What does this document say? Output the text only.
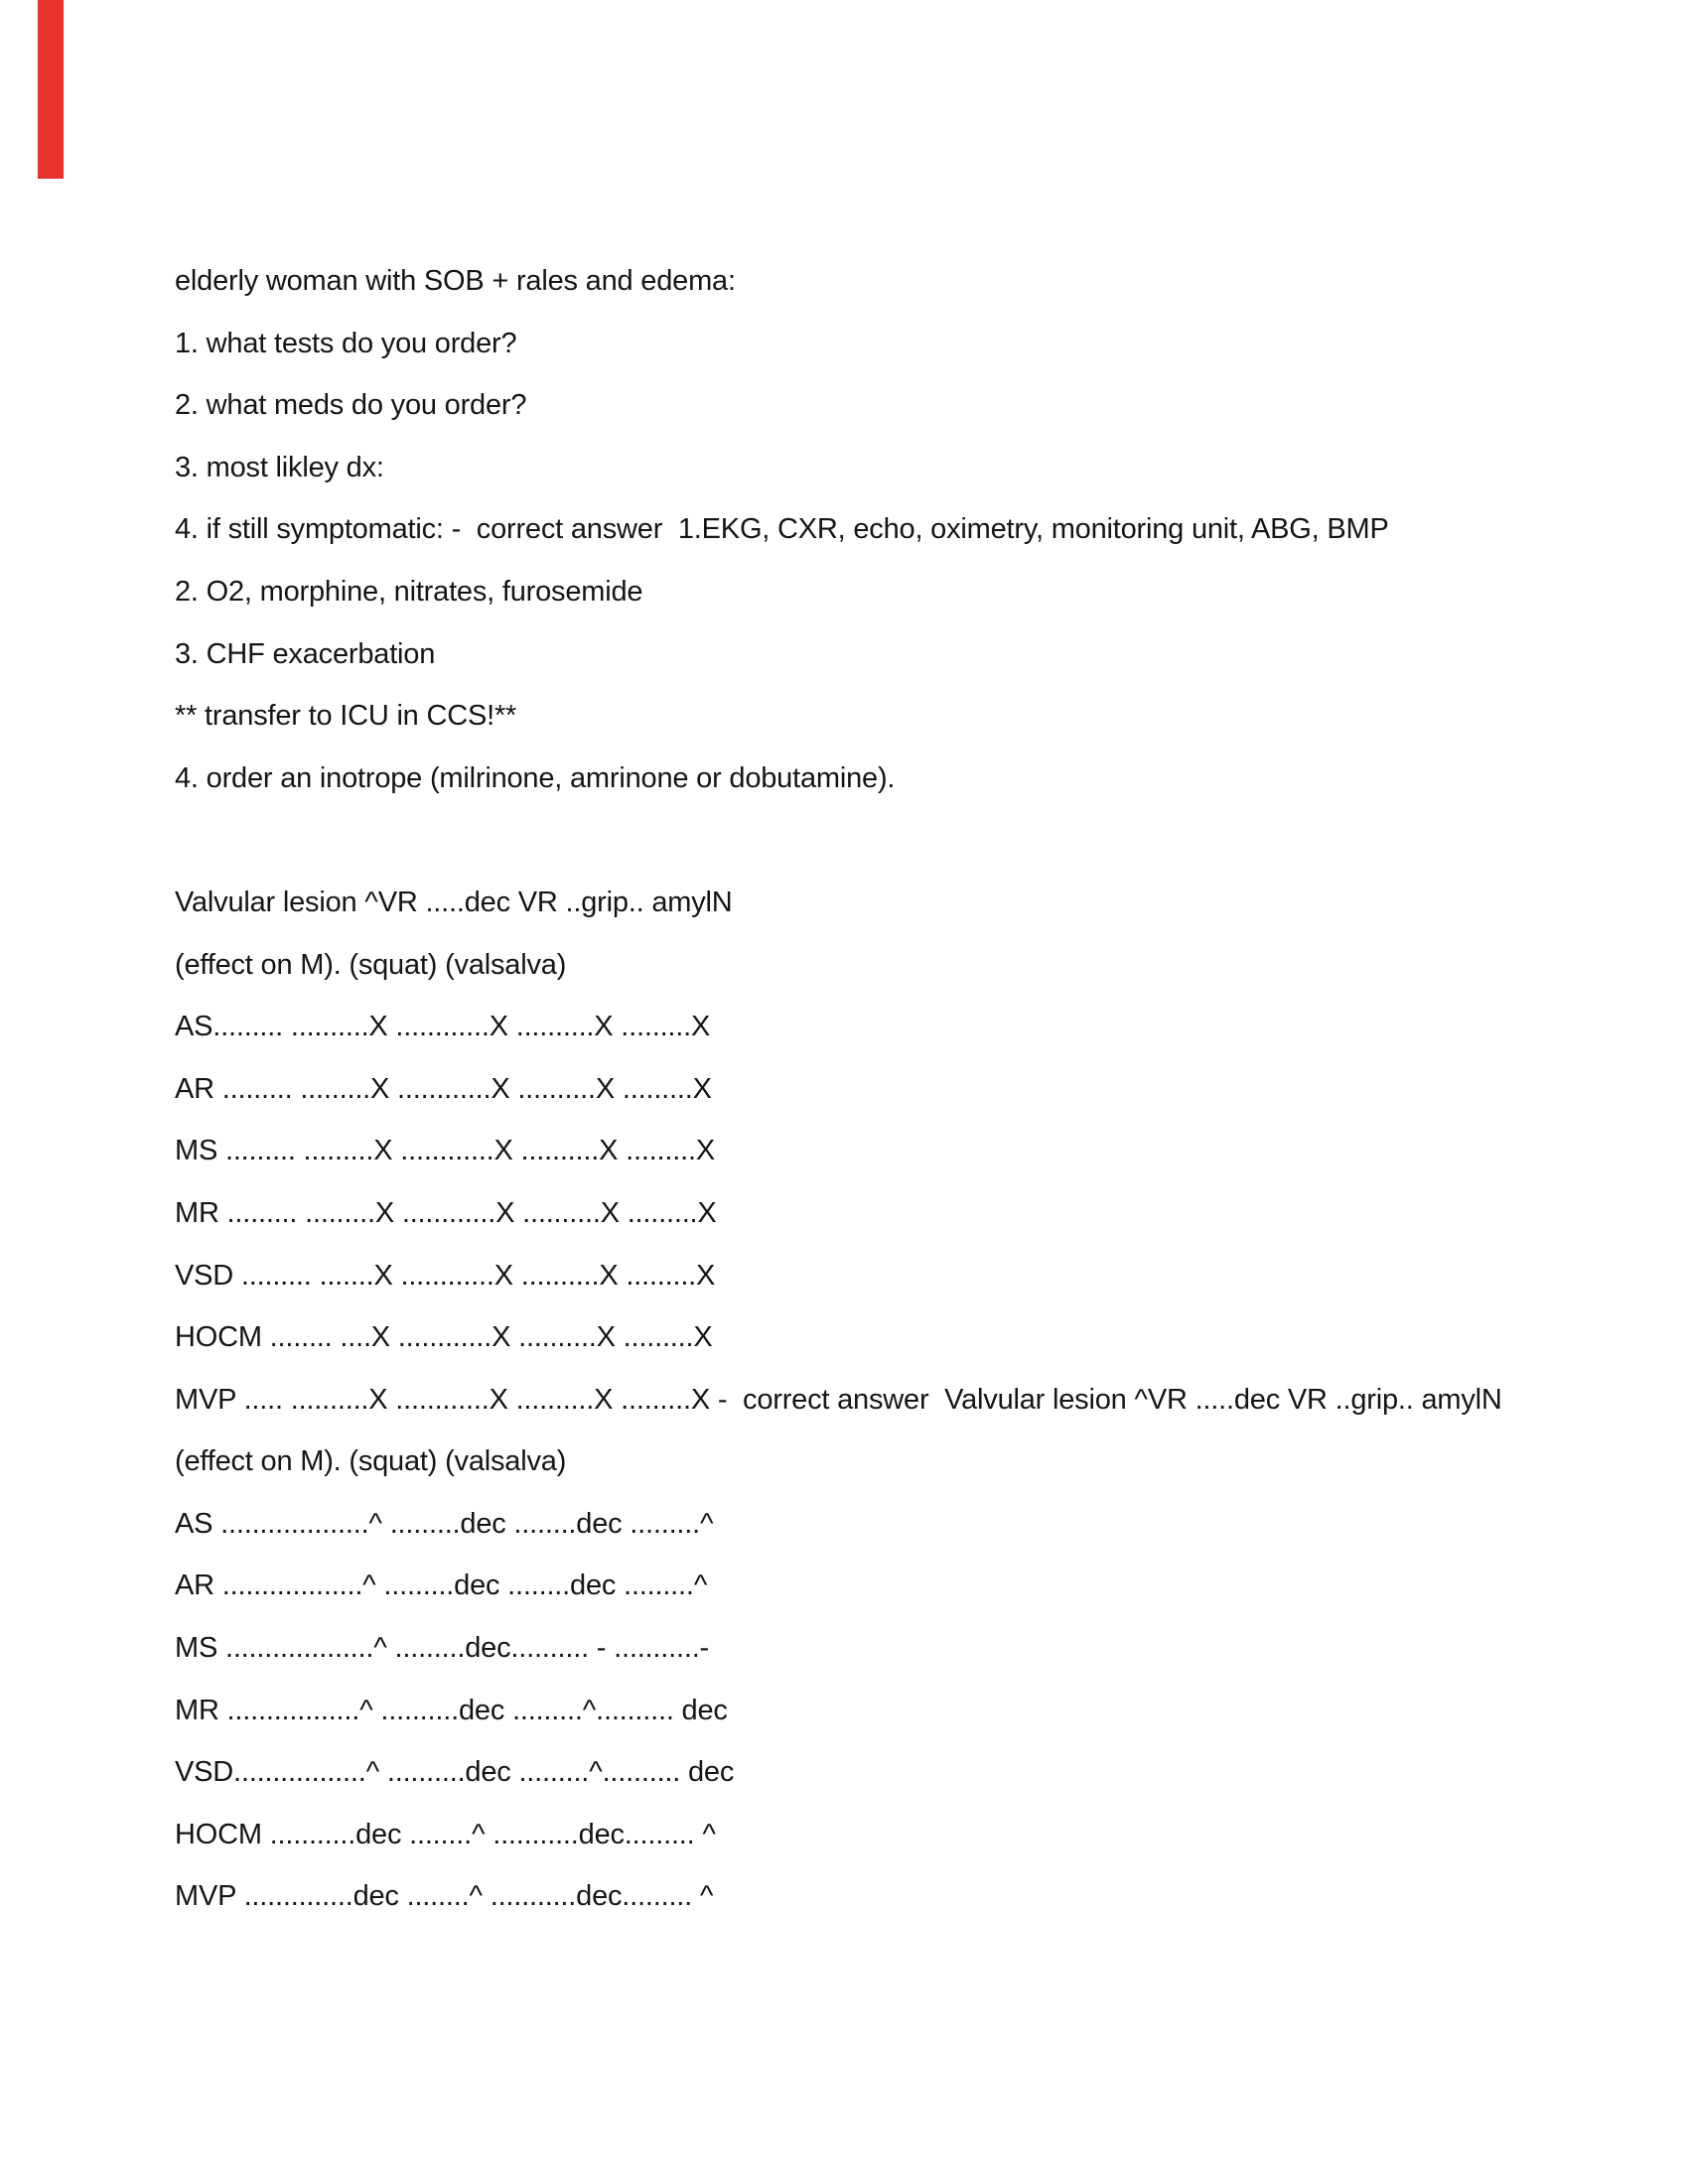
elderly woman with SOB + rales and edema:
1. what tests do you order?
2. what meds do you order?
3. most likley dx:
4. if still symptomatic: -  correct answer  1.EKG, CXR, echo, oximetry, monitoring unit, ABG, BMP
2. O2, morphine, nitrates, furosemide
3. CHF exacerbation
** transfer to ICU in CCS!**
4. order an inotrope (milrinone, amrinone or dobutamine).
Valvular lesion ^VR .....dec VR ..grip.. amylN
(effect on M). (squat) (valsalva)
AS......... ..........X ............X ..........X .........X
AR ......... .........X ............X ..........X .........X
MS ......... .........X ............X ..........X .........X
MR ......... .........X ............X ..........X .........X
VSD ......... .......X ............X ..........X .........X
HOCM ........ ....X ............X ..........X .........X
MVP ..... ..........X ............X ..........X .........X -  correct answer  Valvular lesion ^VR .....dec VR ..grip.. amylN
(effect on M). (squat) (valsalva)
AS ...................^ .........dec ........dec .........^
AR ..................^ .........dec ........dec .........^
MS ...................^ .........dec.......... - ...........-
MR .................^ ..........dec .........^.......... dec
VSD.................^ ..........dec .........^.......... dec
HOCM ...........dec ........^ ...........dec......... ^
MVP ..............dec ........^ ...........dec......... ^
